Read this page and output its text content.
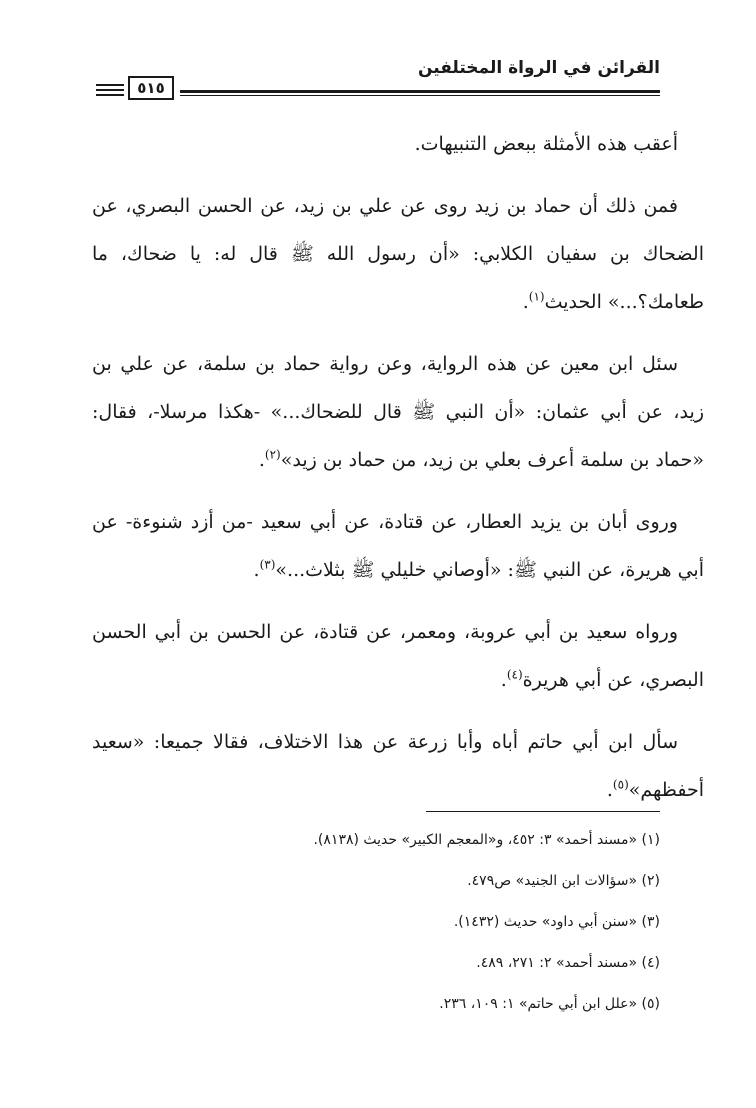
القرائن في الرواة المختلفين
٥١٥

أعقب هذه الأمثلة ببعض التنبيهات.

فمن ذلك أن حماد بن زيد روى عن علي بن زيد، عن الحسن البصري، عن الضحاك بن سفيان الكلابي: «أن رسول الله ﷺ قال له: يا ضحاك، ما طعامك؟...» الحديث$^{(١)}$.

سئل ابن معين عن هذه الرواية، وعن رواية حماد بن سلمة، عن علي بن زيد، عن أبي عثمان: «أن النبي ﷺ قال للضحاك...» -هكذا مرسلا-، فقال: «حماد بن سلمة أعرف بعلي بن زيد، من حماد بن زيد»$^{(٢)}$.

وروى أبان بن يزيد العطار، عن قتادة، عن أبي سعيد -من أزد شنوءة- عن أبي هريرة، عن النبي ﷺ: «أوصاني خليلي ﷺ بثلاث...»$^{(٣)}$.

ورواه سعيد بن أبي عروبة، ومعمر، عن قتادة، عن الحسن بن أبي الحسن البصري، عن أبي هريرة$^{(٤)}$.

سأل ابن أبي حاتم أباه وأبا زرعة عن هذا الاختلاف، فقالا جميعا: «سعيد أحفظهم»$^{(٥)}$.

(١) «مسند أحمد» ٣: ٤٥٢، و«المعجم الكبير» حديث (٨١٣٨).
(٢) «سؤالات ابن الجنيد» ص٤٧٩.
(٣) «سنن أبي داود» حديث (١٤٣٢).
(٤) «مسند أحمد» ٢: ٢٧١، ٤٨٩.
(٥) «علل ابن أبي حاتم» ١: ١٠٩، ٢٣٦.
